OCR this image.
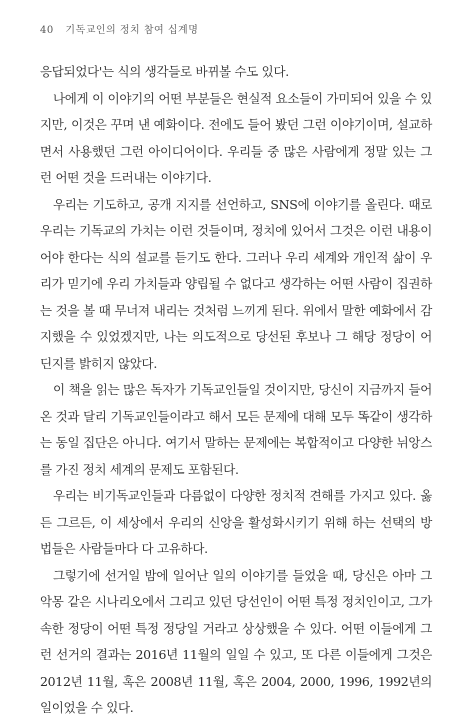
40 기독교인의 정치 참여 십계명

응답되었다'는 식의 생각들로 바뀌볼 수도 있다.

나에게 이 이야기의 어떤 부분들은 현실적 요소들이 가미되어 있을 수 있지만, 이것은 꾸며 낸 예화이다. 전에도 들어 봤던 그런 이야기이며, 설교하면서 사용했던 그런 아이디어이다. 우리들 중 많은 사람에게 정말 있는 그런 어떤 것을 드러내는 이야기다.

우리는 기도하고, 공개 지지를 선언하고, SNS에 이야기를 올린다. 때로 우리는 기독교의 가치는 이런 것들이며, 정치에 있어서 그것은 이런 내용이어야 한다는 식의 설교를 듣기도 한다. 그러나 우리 세계와 개인적 삶이 우리가 믿기에 우리 가치들과 양립될 수 없다고 생각하는 어떤 사람이 집권하는 것을 볼 때 무너져 내리는 것처럼 느끼게 된다. 위에서 말한 예화에서 감지했을 수 있었겠지만, 나는 의도적으로 당선된 후보나 그 해당 정당이 어딘지를 밝히지 않았다.

이 책을 읽는 많은 독자가 기독교인들일 것이지만, 당신이 지금까지 들어 온 것과 달리 기독교인들이라고 해서 모든 문제에 대해 모두 똑같이 생각하는 동일 집단은 아니다. 여기서 말하는 문제에는 복합적이고 다양한 뉘앙스를 가진 정치 세계의 문제도 포함된다.

우리는 비기독교인들과 다름없이 다양한 정치적 견해를 가지고 있다. 옳든 그르든, 이 세상에서 우리의 신앙을 활성화시키기 위해 하는 선택의 방법들은 사람들마다 다 고유하다.

그렇기에 선거일 밤에 일어난 일의 이야기를 들었을 때, 당신은 아마 그 악몽 같은 시나리오에서 그리고 있던 당선인이 어떤 특정 정치인이고, 그가 속한 정당이 어떤 특정 정당일 거라고 상상했을 수 있다. 어떤 이들에게 그런 선거의 결과는 2016년 11월의 일일 수 있고, 또 다른 이들에게 그것은 2012년 11월, 혹은 2008년 11월, 혹은 2004, 2000, 1996, 1992년의 일이었을 수 있다.
